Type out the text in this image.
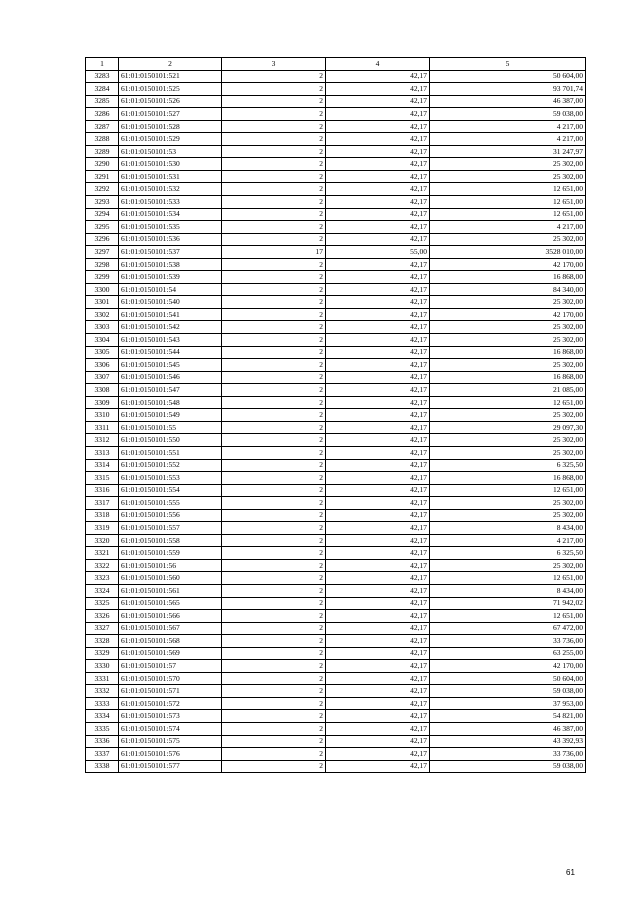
1	2	3	4	5
3283	61:01:0150101:521	2	42,17	50 604,00
3284	61:01:0150101:525	2	42,17	93 701,74
3285	61:01:0150101:526	2	42,17	46 387,00
3286	61:01:0150101:527	2	42,17	59 038,00
3287	61:01:0150101:528	2	42,17	4 217,00
3288	61:01:0150101:529	2	42,17	4 217,00
3289	61:01:0150101:53	2	42,17	31 247,97
3290	61:01:0150101:530	2	42,17	25 302,00
3291	61:01:0150101:531	2	42,17	25 302,00
3292	61:01:0150101:532	2	42,17	12 651,00
3293	61:01:0150101:533	2	42,17	12 651,00
3294	61:01:0150101:534	2	42,17	12 651,00
3295	61:01:0150101:535	2	42,17	4 217,00
3296	61:01:0150101:536	2	42,17	25 302,00
3297	61:01:0150101:537	17	55,00	3528 010,00
3298	61:01:0150101:538	2	42,17	42 170,00
3299	61:01:0150101:539	2	42,17	16 868,00
3300	61:01:0150101:54	2	42,17	84 340,00
3301	61:01:0150101:540	2	42,17	25 302,00
3302	61:01:0150101:541	2	42,17	42 170,00
3303	61:01:0150101:542	2	42,17	25 302,00
3304	61:01:0150101:543	2	42,17	25 302,00
3305	61:01:0150101:544	2	42,17	16 868,00
3306	61:01:0150101:545	2	42,17	25 302,00
3307	61:01:0150101:546	2	42,17	16 868,00
3308	61:01:0150101:547	2	42,17	21 085,00
3309	61:01:0150101:548	2	42,17	12 651,00
3310	61:01:0150101:549	2	42,17	25 302,00
3311	61:01:0150101:55	2	42,17	29 097,30
3312	61:01:0150101:550	2	42,17	25 302,00
3313	61:01:0150101:551	2	42,17	25 302,00
3314	61:01:0150101:552	2	42,17	6 325,50
3315	61:01:0150101:553	2	42,17	16 868,00
3316	61:01:0150101:554	2	42,17	12 651,00
3317	61:01:0150101:555	2	42,17	25 302,00
3318	61:01:0150101:556	2	42,17	25 302,00
3319	61:01:0150101:557	2	42,17	8 434,00
3320	61:01:0150101:558	2	42,17	4 217,00
3321	61:01:0150101:559	2	42,17	6 325,50
3322	61:01:0150101:56	2	42,17	25 302,00
3323	61:01:0150101:560	2	42,17	12 651,00
3324	61:01:0150101:561	2	42,17	8 434,00
3325	61:01:0150101:565	2	42,17	71 942,02
3326	61:01:0150101:566	2	42,17	12 651,00
3327	61:01:0150101:567	2	42,17	67 472,00
3328	61:01:0150101:568	2	42,17	33 736,00
3329	61:01:0150101:569	2	42,17	63 255,00
3330	61:01:0150101:57	2	42,17	42 170,00
3331	61:01:0150101:570	2	42,17	50 604,00
3332	61:01:0150101:571	2	42,17	59 038,00
3333	61:01:0150101:572	2	42,17	37 953,00
3334	61:01:0150101:573	2	42,17	54 821,00
3335	61:01:0150101:574	2	42,17	46 387,00
3336	61:01:0150101:575	2	42,17	43 392,93
3337	61:01:0150101:576	2	42,17	33 736,00
3338	61:01:0150101:577	2	42,17	59 038,00
61
